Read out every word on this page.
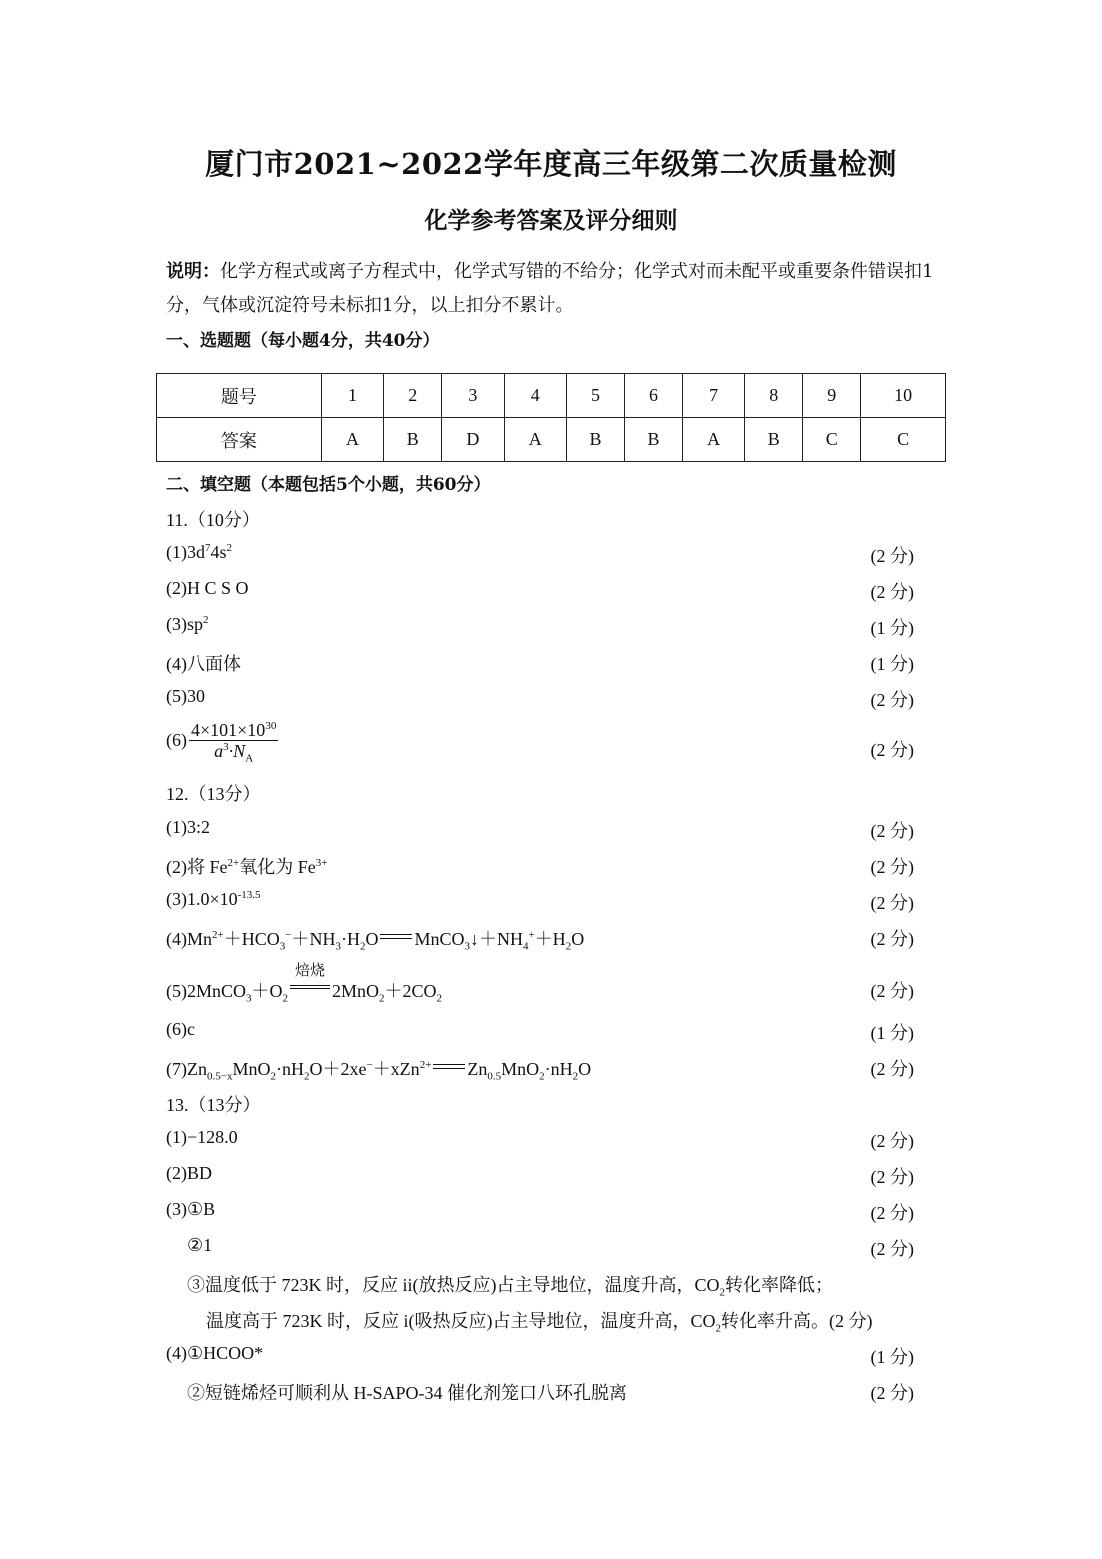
厦门市2021~2022学年度高三年级第二次质量检测
化学参考答案及评分细则
说明：化学方程式或离子方程式中，化学式写错的不给分；化学式对而未配平或重要条件错误扣1分，气体或沉淀符号未标扣1分，以上扣分不累计。
一、选题题（每小题4分，共40分）
题号	1	2	3	4	5	6	7	8	9	10
答案	A	B	D	A	B	B	A	B	C	C
二、填空题（本题包括5个小题，共60分）
11.（10分）
$(1)3d^74s^2$	(2 分)
(2)H C S O	(2 分)
$(3)sp^2$	(1 分)
(4)八面体	(1 分)
(5)30	(2 分)
$(6) \frac{4\times 101\times 10^{30}}{a^3\cdot N_A}$	(2 分)
12.（13分）
(1)3:2	(2 分)
(2)将 $Fe^{2+}$氧化为 $Fe^{3+}$	(2 分)
$(3)1.0\times 10^{-13.5}$	(2 分)
$(4)Mn^{2+}+HCO_3^-+NH_3\cdot H_2O$ $MnCO_3↓+NH_4^++H_2O$	(2 分)
$(5)2MnCO_3+O_2$
焙烧
$2MnO_2+2CO_2$	(2 分)
(6)c	(1 分)
$(7)Zn_{0.5-x}MnO_2\cdot nH_2O+2xe^-+xZn^{2+}$ $Zn_{0.5}MnO_2\cdot nH_2O$	(2 分)
13.（13分）
(1)−128.0	(2 分)
(2)BD	(2 分)
(3)①B	(2 分)
②1	(2 分)
③温度低于 723K 时，反应 ii(放热反应)占主导地位，温度升高，$CO_2$转化率降低；
温度高于 723K 时，反应 i(吸热反应)占主导地位，温度升高，$CO_2$转化率升高。(2 分)
(4)①HCOO*	(1 分)
②短链烯烃可顺利从 H-SAPO-34 催化剂笼口八环孔脱离	(2 分)
